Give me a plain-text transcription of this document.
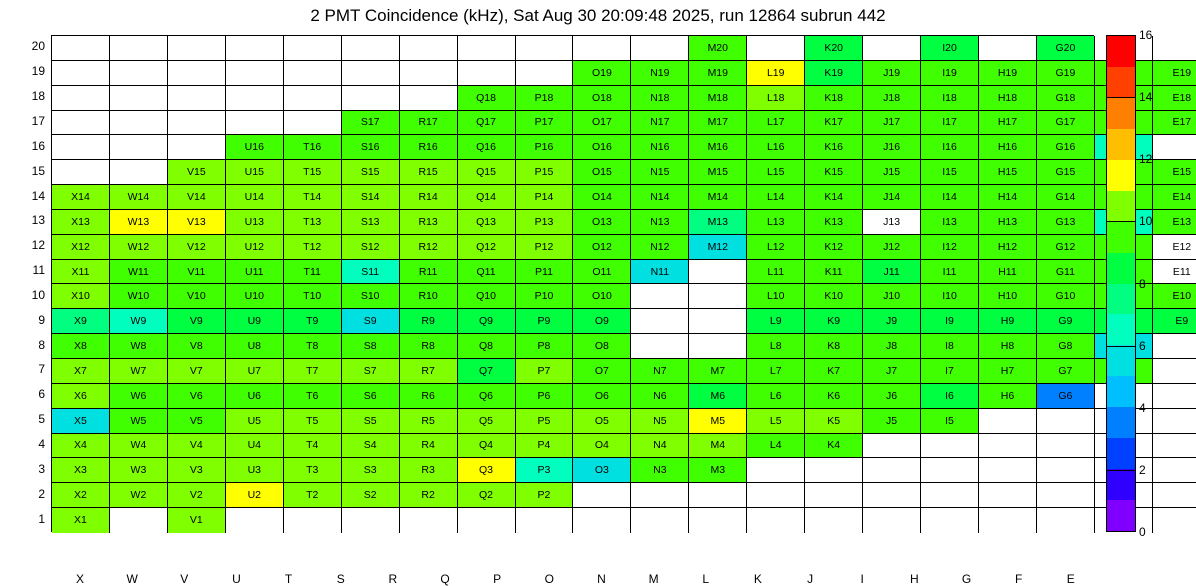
2 PMT Coincidence (kHz), Sat Aug 30 20:09:48 2025, run 12864 subrun 442
M20	K20	I20	G20
O19	N19	M19	L19	K19	J19	I19	H19	G19	E19
Q18	P18	O18	N18	M18	L18	K18	J18	I18	H18	G18	E18
S17	R17	Q17	P17	O17	N17	M17	L17	K17	J17	I17	H17	G17	E17
U16	T16	S16	R16	Q16	P16	O16	N16	M16	L16	K16	J16	I16	H16	G16
V15	U15	T15	S15	R15	Q15	P15	O15	N15	M15	L15	K15	J15	I15	H15	G15	E15
X14	W14	V14	U14	T14	S14	R14	Q14	P14	O14	N14	M14	L14	K14	J14	I14	H14	G14	E14
X13	W13	V13	U13	T13	S13	R13	Q13	P13	O13	N13	M13	L13	K13	J13	I13	H13	G13	E13
X12	W12	V12	U12	T12	S12	R12	Q12	P12	O12	N12	M12	L12	K12	J12	I12	H12	G12	E12
X11	W11	V11	U11	T11	S11	R11	Q11	P11	O11	N11	L11	K11	J11	I11	H11	G11	E11
X10	W10	V10	U10	T10	S10	R10	Q10	P10	O10	L10	K10	J10	I10	H10	G10	E10
X9	W9	V9	U9	T9	S9	R9	Q9	P9	O9	L9	K9	J9	I9	H9	G9	E9
X8	W8	V8	U8	T8	S8	R8	Q8	P8	O8	L8	K8	J8	I8	H8	G8
X7	W7	V7	U7	T7	S7	R7	Q7	P7	O7	N7	M7	L7	K7	J7	I7	H7	G7
X6	W6	V6	U6	T6	S6	R6	Q6	P6	O6	N6	M6	L6	K6	J6	I6	H6	G6
X5	W5	V5	U5	T5	S5	R5	Q5	P5	O5	N5	M5	L5	K5	J5	I5
X4	W4	V4	U4	T4	S4	R4	Q4	P4	O4	N4	M4	L4	K4
X3	W3	V3	U3	T3	S3	R3	Q3	P3	O3	N3	M3
X2	W2	V2	U2	T2	S2	R2	Q2	P2
X1	V1
20
19
18
17
16
15
14
13
12
11
10
9
8
7
6
5
4
3
2
1
X	W	V	U	T	S	R	Q	P	O	N	M	L	K	J	I	H	G	F	E
0
2
4
6
8
10
12
14
16
